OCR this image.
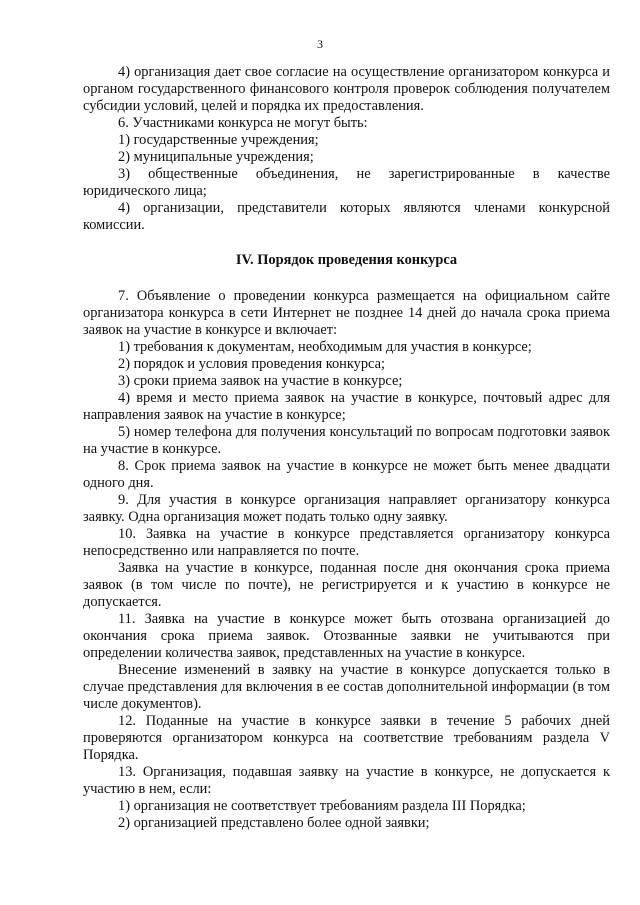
3

4) организация дает свое согласие на осуществление организатором конкурса и органом государственного финансового контроля проверок соблюдения получателем субсидии условий, целей и порядка их предоставления.

6. Участниками конкурса не могут быть:

1) государственные учреждения;

2) муниципальные учреждения;

3) общественные объединения, не зарегистрированные в качестве юридического лица;

4) организации, представители которых являются членами конкурсной комиссии.

IV. Порядок проведения конкурса

7. Объявление о проведении конкурса размещается на официальном сайте организатора конкурса в сети Интернет не позднее 14 дней до начала срока приема заявок на участие в конкурсе и включает:

1) требования к документам, необходимым для участия в конкурсе;

2) порядок и условия проведения конкурса;

3) сроки приема заявок на участие в конкурсе;

4) время и место приема заявок на участие в конкурсе, почтовый адрес для направления заявок на участие в конкурсе;

5) номер телефона для получения консультаций по вопросам подготовки заявок на участие в конкурсе.

8. Срок приема заявок на участие в конкурсе не может быть менее двадцати одного дня.

9. Для участия в конкурсе организация направляет организатору конкурса заявку. Одна организация может подать только одну заявку.

10. Заявка на участие в конкурсе представляется организатору конкурса непосредственно или направляется по почте.

Заявка на участие в конкурсе, поданная после дня окончания срока приема заявок (в том числе по почте), не регистрируется и к участию в конкурсе не допускается.

11. Заявка на участие в конкурсе может быть отозвана организацией до окончания срока приема заявок. Отозванные заявки не учитываются при определении количества заявок, представленных на участие в конкурсе.

Внесение изменений в заявку на участие в конкурсе допускается только в случае представления для включения в ее состав дополнительной информации (в том числе документов).

12. Поданные на участие в конкурсе заявки в течение 5 рабочих дней проверяются организатором конкурса на соответствие требованиям раздела V Порядка.

13. Организация, подавшая заявку на участие в конкурсе, не допускается к участию в нем, если:

1) организация не соответствует требованиям раздела III Порядка;

2) организацией представлено более одной заявки;
